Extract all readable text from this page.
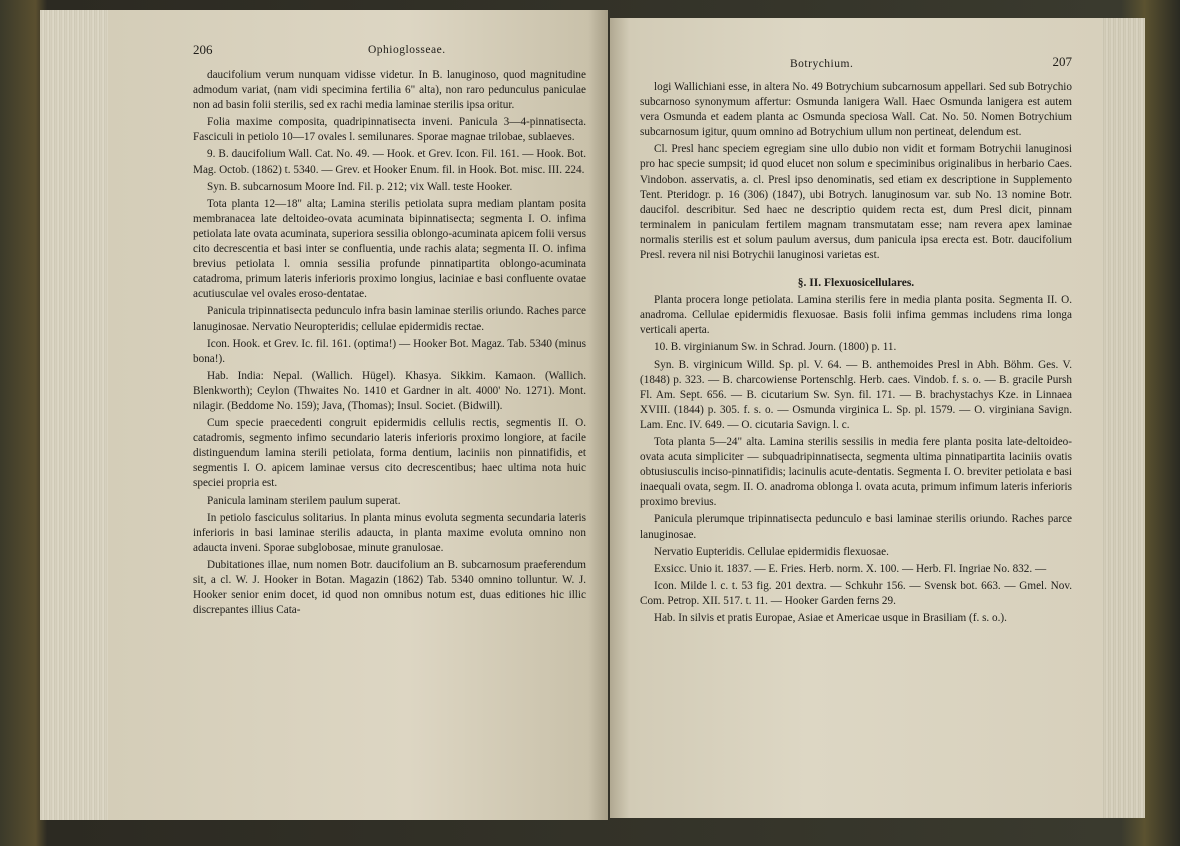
206	Ophioglosseae.

daucifolium verum nunquam vidisse videtur. In B. lanuginoso, quod magnitudine admodum variat, (nam vidi specimina fertilia 6" alta), non raro pedunculus paniculae non ad basin folii sterilis, sed ex rachi media laminae sterilis ipsa oritur.

Folia maxime composita, quadripinnatisecta inveni. Panicula 3—4-pinnatisecta. Fasciculi in petiolo 10—17 ovales l. semilunares. Sporae magnae trilobae, sublaeves.

9. B. daucifolium Wall. Cat. No. 49. — Hook. et Grev. Icon. Fil. 161. — Hook. Bot. Mag. Octob. (1862) t. 5340. — Grev. et Hooker Enum. fil. in Hook. Bot. misc. III. 224.

Syn. B. subcarnosum Moore Ind. Fil. p. 212; vix Wall. teste Hooker.

Tota planta 12—18" alta; Lamina sterilis petiolata supra mediam plantam posita membranacea late deltoideo-ovata acuminata bipinnatisecta; segmenta I. O. infima petiolata late ovata acuminata, superiora sessilia oblongo-acuminata apicem folii versus cito decrescentia et basi inter se confluentia, unde rachis alata; segmenta II. O. infima brevius petiolata l. omnia sessilia profunde pinnatipartita oblongo-acuminata catadroma, primum lateris inferioris proximo longius, laciniae e basi confluente ovatae acutiusculae vel ovales eroso-dentatae.

Panicula tripinnatisecta pedunculo infra basin laminae sterilis oriundo. Raches parce lanuginosae. Nervatio Neuropteridis; cellulae epidermidis rectae.

Icon. Hook. et Grev. Ic. fil. 161. (optima!) — Hooker Bot. Magaz. Tab. 5340 (minus bona!).

Hab. India: Nepal. (Wallich. Hügel). Khasya. Sikkim. Kamaon. (Wallich. Blenkworth); Ceylon (Thwaites No. 1410 et Gardner in alt. 4000' No. 1271). Mont. nilagir. (Beddome No. 159); Java, (Thomas); Insul. Societ. (Bidwill).

Cum specie praecedenti congruit epidermidis cellulis rectis, segmentis II. O. catadromis, segmento infimo secundario lateris inferioris proximo longiore, at facile distinguendum lamina sterili petiolata, forma dentium, laciniis non pinnatifidis, et segmentis I. O. apicem laminae versus cito decrescentibus; haec ultima nota huic speciei propria est.

Panicula laminam sterilem paulum superat.

In petiolo fasciculus solitarius. In planta minus evoluta segmenta secundaria lateris inferioris in basi laminae sterilis adaucta, in planta maxime evoluta omnino non adaucta inveni. Sporae subglobosae, minute granulosae.

Dubitationes illae, num nomen Botr. daucifolium an B. subcarnosum praeferendum sit, a cl. W. J. Hooker in Botan. Magazin (1862) Tab. 5340 omnino tolluntur. W. J. Hooker senior enim docet, id quod non omnibus notum est, duas editiones hic illic discrepantes illius Cata-

Botrychium.	207

logi Wallichiani esse, in altera No. 49 Botrychium subcarnosum appellari. Sed sub Botrychio subcarnoso synonymum affertur: Osmunda lanigera Wall. Haec Osmunda lanigera est autem vera Osmunda et eadem planta ac Osmunda speciosa Wall. Cat. No. 50. Nomen Botrychium subcarnosum igitur, quum omnino ad Botrychium ullum non pertineat, delendum est.

Cl. Presl hanc speciem egregiam sine ullo dubio non vidit et formam Botrychii lanuginosi pro hac specie sumpsit; id quod elucet non solum e speciminibus originalibus in herbario Caes. Vindobon. asservatis, a. cl. Presl ipso denominatis, sed etiam ex descriptione in Supplemento Tent. Pteridogr. p. 16 (306) (1847), ubi Botrych. lanuginosum var. sub No. 13 nomine Botr. daucifol. describitur. Sed haec ne descriptio quidem recta est, dum Presl dicit, pinnam terminalem in paniculam fertilem magnam transmutatam esse; nam revera apex laminae normalis sterilis est et solum paulum aversus, dum panicula ipsa erecta est. Botr. daucifolium Presl. revera nil nisi Botrychii lanuginosi varietas est.

§. II. Flexuosicellulares.

Planta procera longe petiolata. Lamina sterilis fere in media planta posita. Segmenta II. O. anadroma. Cellulae epidermidis flexuosae. Basis folii infima gemmas includens rima longa verticali aperta.

10. B. virginianum Sw. in Schrad. Journ. (1800) p. 11.

Syn. B. virginicum Willd. Sp. pl. V. 64. — B. anthemoides Presl in Abh. Böhm. Ges. V. (1848) p. 323. — B. charcowiense Portenschlg. Herb. caes. Vindob. f. s. o. — B. gracile Pursh Fl. Am. Sept. 656. — B. cicutarium Sw. Syn. fil. 171. — B. brachystachys Kze. in Linnaea XVIII. (1844) p. 305. f. s. o. — Osmunda virginica L. Sp. pl. 1579. — O. virginiana Savign. Lam. Enc. IV. 649. — O. cicutaria Savign. l. c.

Tota planta 5—24" alta. Lamina sterilis sessilis in media fere planta posita late-deltoideo-ovata acuta simpliciter — subquadripinnatisecta, segmenta ultima pinnatipartita laciniis ovatis obtusiusculis inciso-pinnatifidis; lacinulis acute-dentatis. Segmenta I. O. breviter petiolata e basi inaequali ovata, segm. II. O. anadroma oblonga l. ovata acuta, primum infimum lateris inferioris proximo brevius.

Panicula plerumque tripinnatisecta pedunculo e basi laminae sterilis oriundo. Raches parce lanuginosae.

Nervatio Eupteridis. Cellulae epidermidis flexuosae.

Exsicc. Unio it. 1837. — E. Fries. Herb. norm. X. 100. — Herb. Fl. Ingriae No. 832. —

Icon. Milde l. c. t. 53 fig. 201 dextra. — Schkuhr 156. — Svensk bot. 663. — Gmel. Nov. Com. Petrop. XII. 517. t. 11. — Hooker Garden ferns 29.

Hab. In silvis et pratis Europae, Asiae et Americae usque in Brasiliam (f. s. o.).
